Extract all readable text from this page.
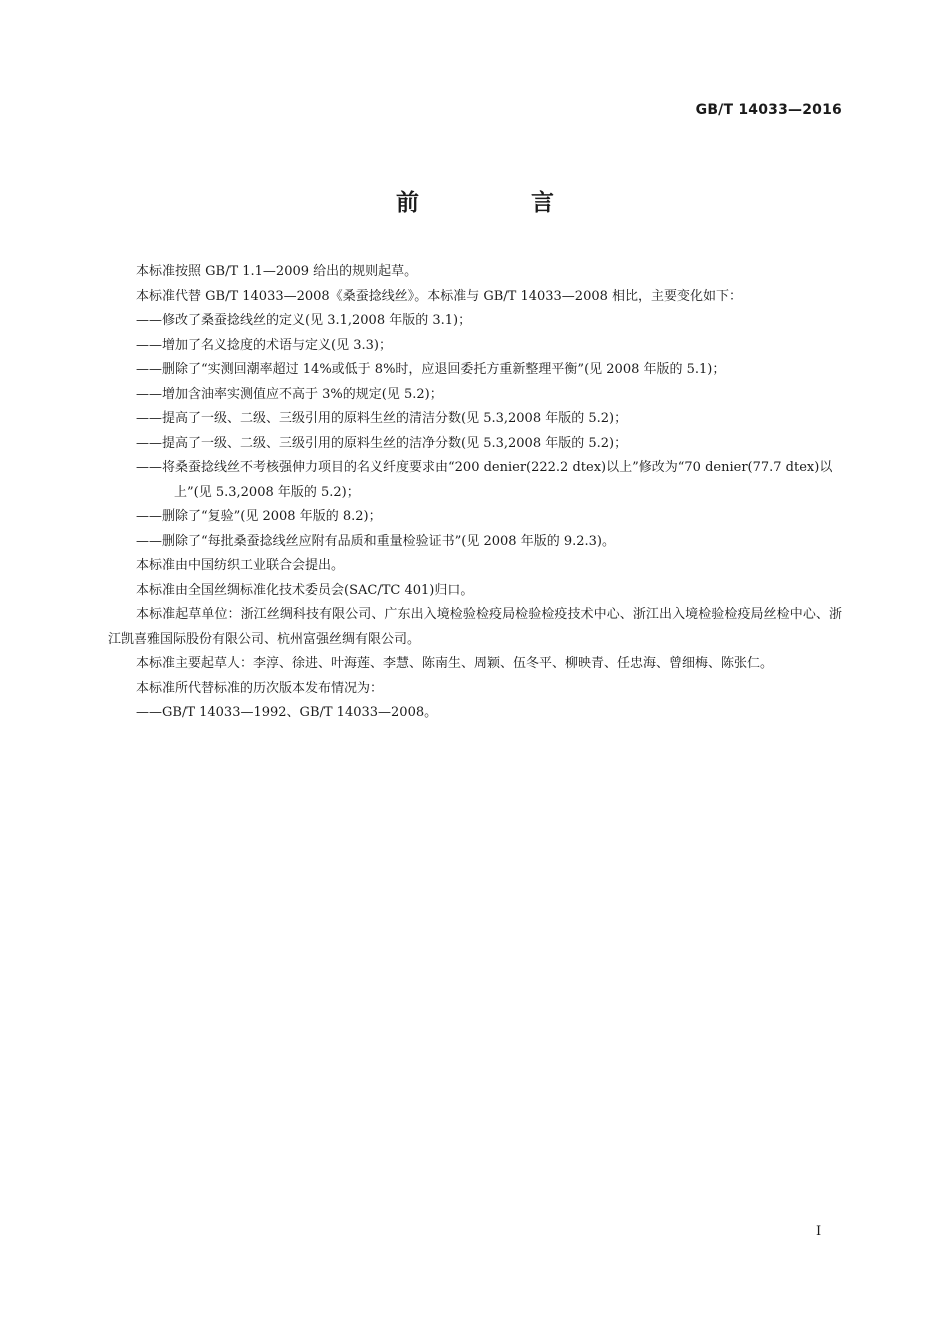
GB/T 14033—2016
前 言

本标准按照 GB/T 1.1—2009 给出的规则起草。

本标准代替 GB/T 14033—2008《桑蚕捻线丝》。本标准与 GB/T 14033—2008 相比，主要变化如下：

——修改了桑蚕捻线丝的定义(见 3.1,2008 年版的 3.1)；

——增加了名义捻度的术语与定义(见 3.3)；

——删除了“实测回潮率超过 14%或低于 8%时，应退回委托方重新整理平衡”(见 2008 年版的 5.1)；

——增加含油率实测值应不高于 3%的规定(见 5.2)；

——提高了一级、二级、三级引用的原料生丝的清洁分数(见 5.3,2008 年版的 5.2)；

——提高了一级、二级、三级引用的原料生丝的洁净分数(见 5.3,2008 年版的 5.2)；

——将桑蚕捻线丝不考核强伸力项目的名义纤度要求由“200 denier(222.2 dtex)以上”修改为“70 denier(77.7 dtex)以上”(见 5.3,2008 年版的 5.2)；

——删除了“复验”(见 2008 年版的 8.2)；

——删除了“每批桑蚕捻线丝应附有品质和重量检验证书”(见 2008 年版的 9.2.3)。

本标准由中国纺织工业联合会提出。

本标准由全国丝绸标准化技术委员会(SAC/TC 401)归口。

本标准起草单位：浙江丝绸科技有限公司、广东出入境检验检疫局检验检疫技术中心、浙江出入境检验检疫局丝检中心、浙江凯喜雅国际股份有限公司、杭州富强丝绸有限公司。

本标准主要起草人：李淳、徐进、叶海莲、李慧、陈南生、周颖、伍冬平、柳映青、任忠海、曾细梅、陈张仁。

本标准所代替标准的历次版本发布情况为：

——GB/T 14033—1992、GB/T 14033—2008。

I
